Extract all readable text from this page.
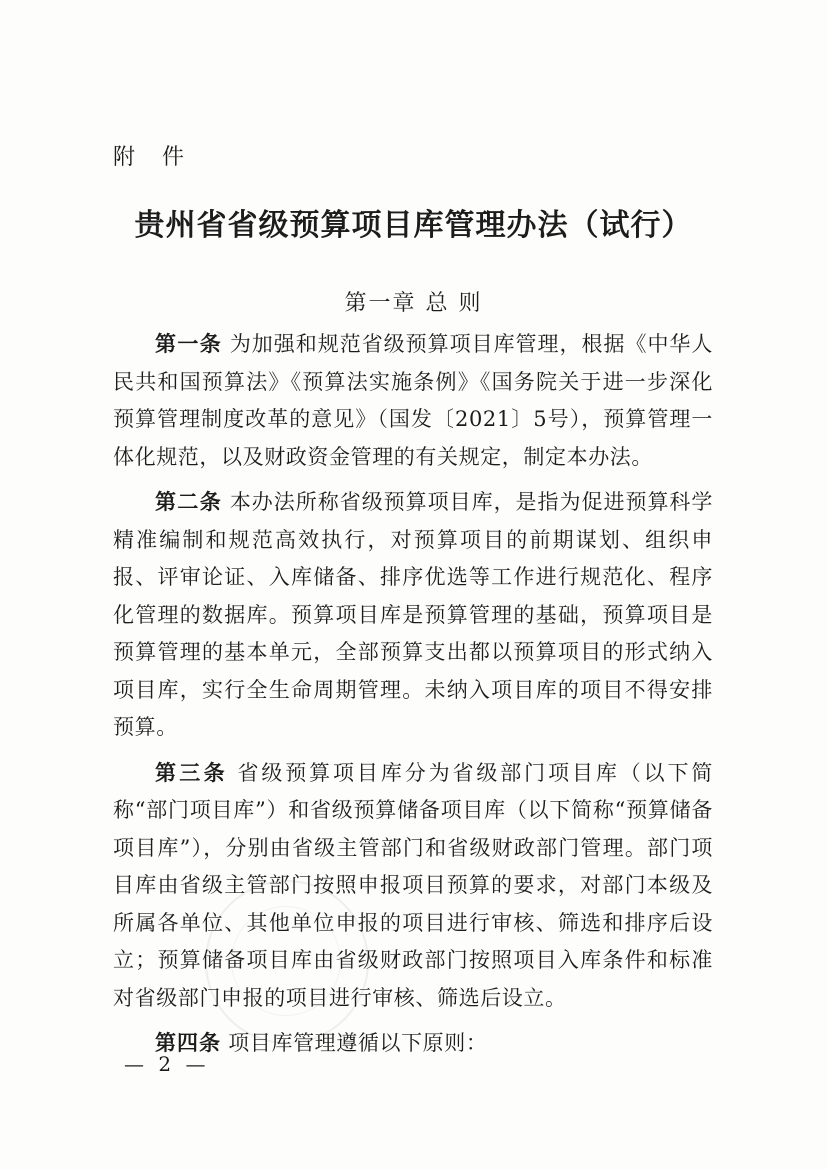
附 件
贵州省省级预算项目库管理办法（试行）
第一章 总 则

第一条 为加强和规范省级预算项目库管理，根据《中华人民共和国预算法》《预算法实施条例》《国务院关于进一步深化预算管理制度改革的意见》（国发〔2021〕5号），预算管理一体化规范，以及财政资金管理的有关规定，制定本办法。

第二条 本办法所称省级预算项目库，是指为促进预算科学精准编制和规范高效执行，对预算项目的前期谋划、组织申报、评审论证、入库储备、排序优选等工作进行规范化、程序化管理的数据库。预算项目库是预算管理的基础，预算项目是预算管理的基本单元，全部预算支出都以预算项目的形式纳入项目库，实行全生命周期管理。未纳入项目库的项目不得安排预算。

第三条 省级预算项目库分为省级部门项目库（以下简称“部门项目库”）和省级预算储备项目库（以下简称“预算储备项目库”），分别由省级主管部门和省级财政部门管理。部门项目库由省级主管部门按照申报项目预算的要求，对部门本级及所属各单位、其他单位申报的项目进行审核、筛选和排序后设立；预算储备项目库由省级财政部门按照项目入库条件和标准对省级部门申报的项目进行审核、筛选后设立。

第四条 项目库管理遵循以下原则：

— 2 —
